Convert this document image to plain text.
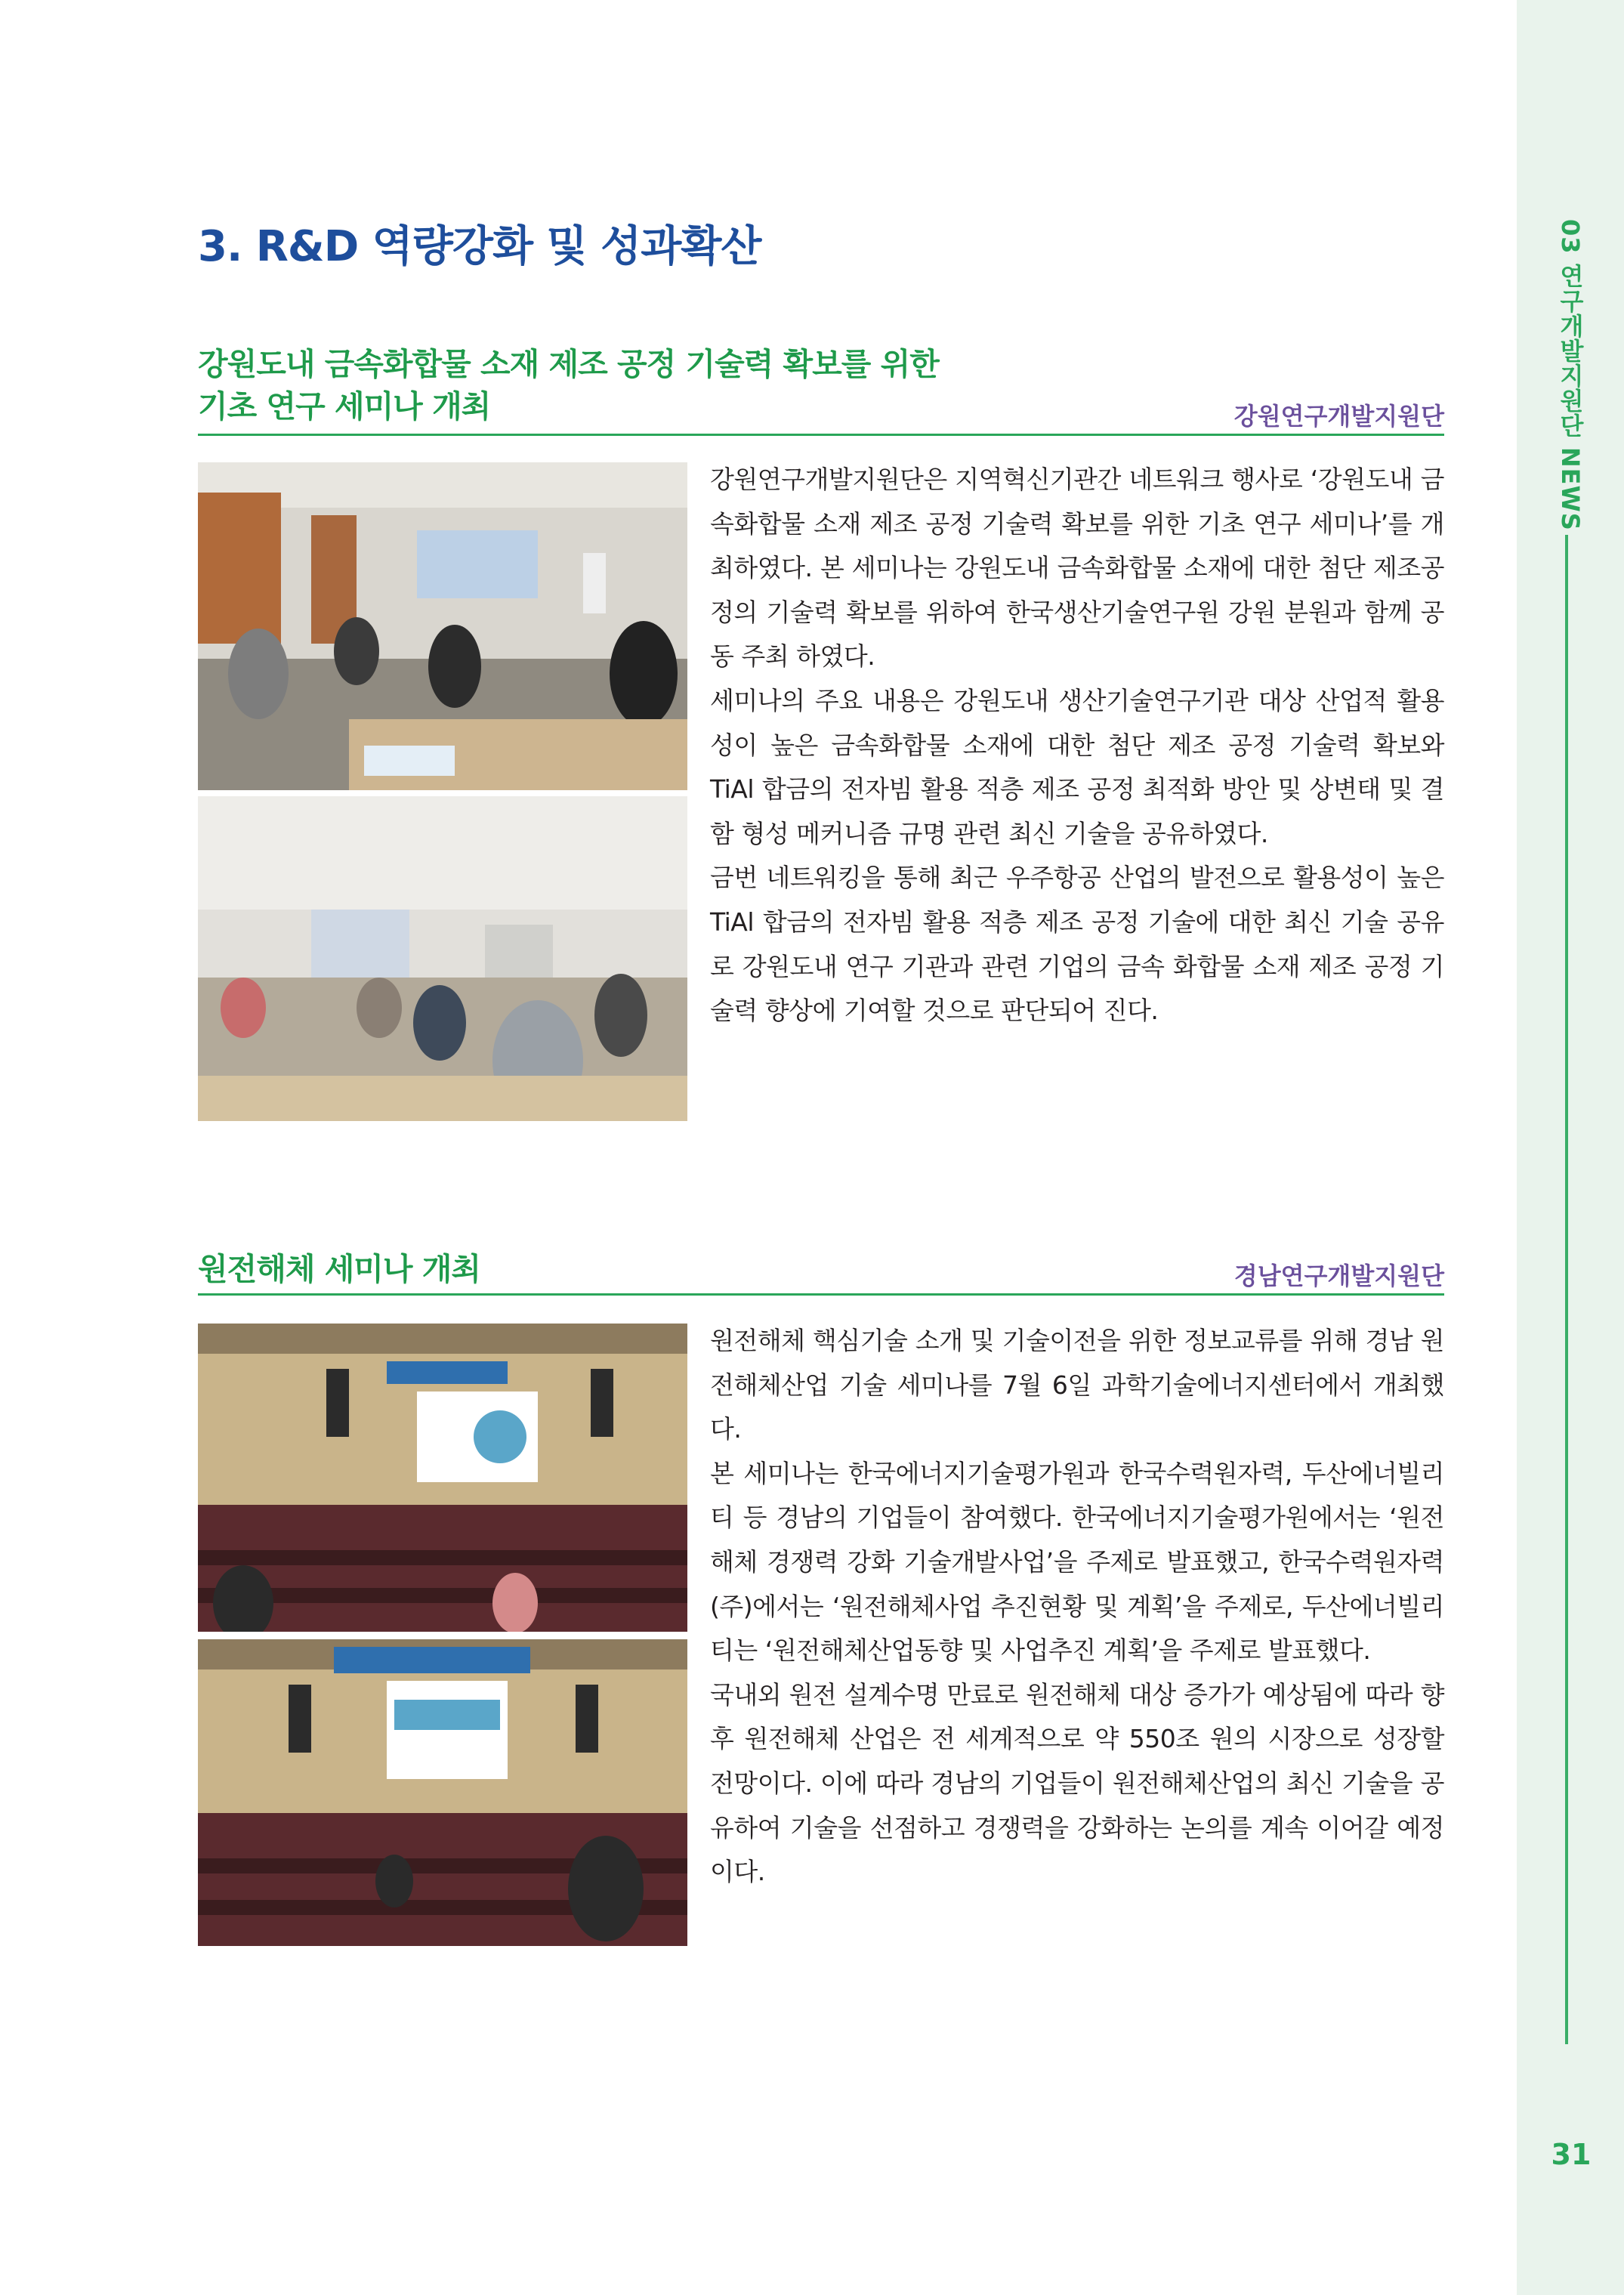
03 연구개발지원단 NEWS
31
3. R&D 역량강화 및 성과확산
강원도내 금속화합물 소재 제조 공정 기술력 확보를 위한
기초 연구 세미나 개최	강원연구개발지원단

강원연구개발지원단은 지역혁신기관간 네트워크 행사로 ‘강원도내 금속화합물 소재 제조 공정 기술력 확보를 위한 기초 연구 세미나’를 개최하였다. 본 세미나는 강원도내 금속화합물 소재에 대한 첨단 제조공정의 기술력 확보를 위하여 한국생산기술연구원 강원 분원과 함께 공동 주최 하였다.

세미나의 주요 내용은 강원도내 생산기술연구기관 대상 산업적 활용성이 높은 금속화합물 소재에 대한 첨단 제조 공정 기술력 확보와 TiAl 합금의 전자빔 활용 적층 제조 공정 최적화 방안 및 상변태 및 결함 형성 메커니즘 규명 관련 최신 기술을 공유하였다.

금번 네트워킹을 통해 최근 우주항공 산업의 발전으로 활용성이 높은 TiAl 합금의 전자빔 활용 적층 제조 공정 기술에 대한 최신 기술 공유로 강원도내 연구 기관과 관련 기업의 금속 화합물 소재 제조 공정 기술력 향상에 기여할 것으로 판단되어 진다.

원전해체 세미나 개최	경남연구개발지원단

원전해체 핵심기술 소개 및 기술이전을 위한 정보교류를 위해 경남 원전해체산업 기술 세미나를 7월 6일 과학기술에너지센터에서 개최했다.

본 세미나는 한국에너지기술평가원과 한국수력원자력, 두산에너빌리티 등 경남의 기업들이 참여했다. 한국에너지기술평가원에서는 ‘원전해체 경쟁력 강화 기술개발사업’을 주제로 발표했고, 한국수력원자력(주)에서는 ‘원전해체사업 추진현황 및 계획’을 주제로, 두산에너빌리티는 ‘원전해체산업동향 및 사업추진 계획’을 주제로 발표했다.

국내외 원전 설계수명 만료로 원전해체 대상 증가가 예상됨에 따라 향후 원전해체 산업은 전 세계적으로 약 550조 원의 시장으로 성장할 전망이다. 이에 따라 경남의 기업들이 원전해체산업의 최신 기술을 공유하여 기술을 선점하고 경쟁력을 강화하는 논의를 계속 이어갈 예정이다.
